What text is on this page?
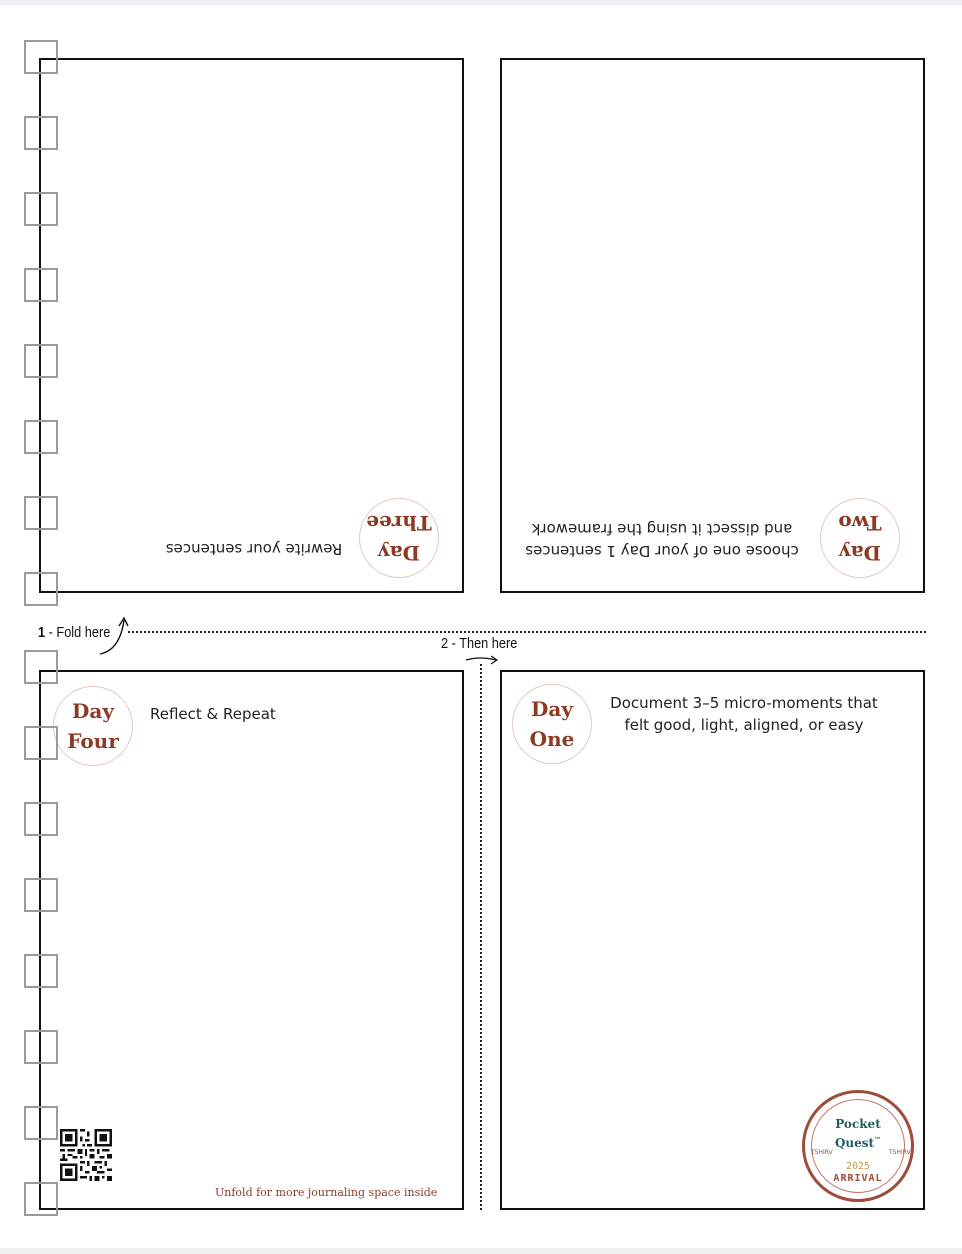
Day
Three
Rewrite your sentences	Day
Two
choose one of your Day 1 sentences
and dissect it using the framework
Day
Four
Reflect & Repeat
Unfold for more journaling space inside
Day
One
Document 3–5 micro-moments that
felt good, light, aligned, or easy
1 - Fold here
2 - Then here
Pocket
Quest™
TSHIRV	TSHIRV
2025
ARRIVAL
